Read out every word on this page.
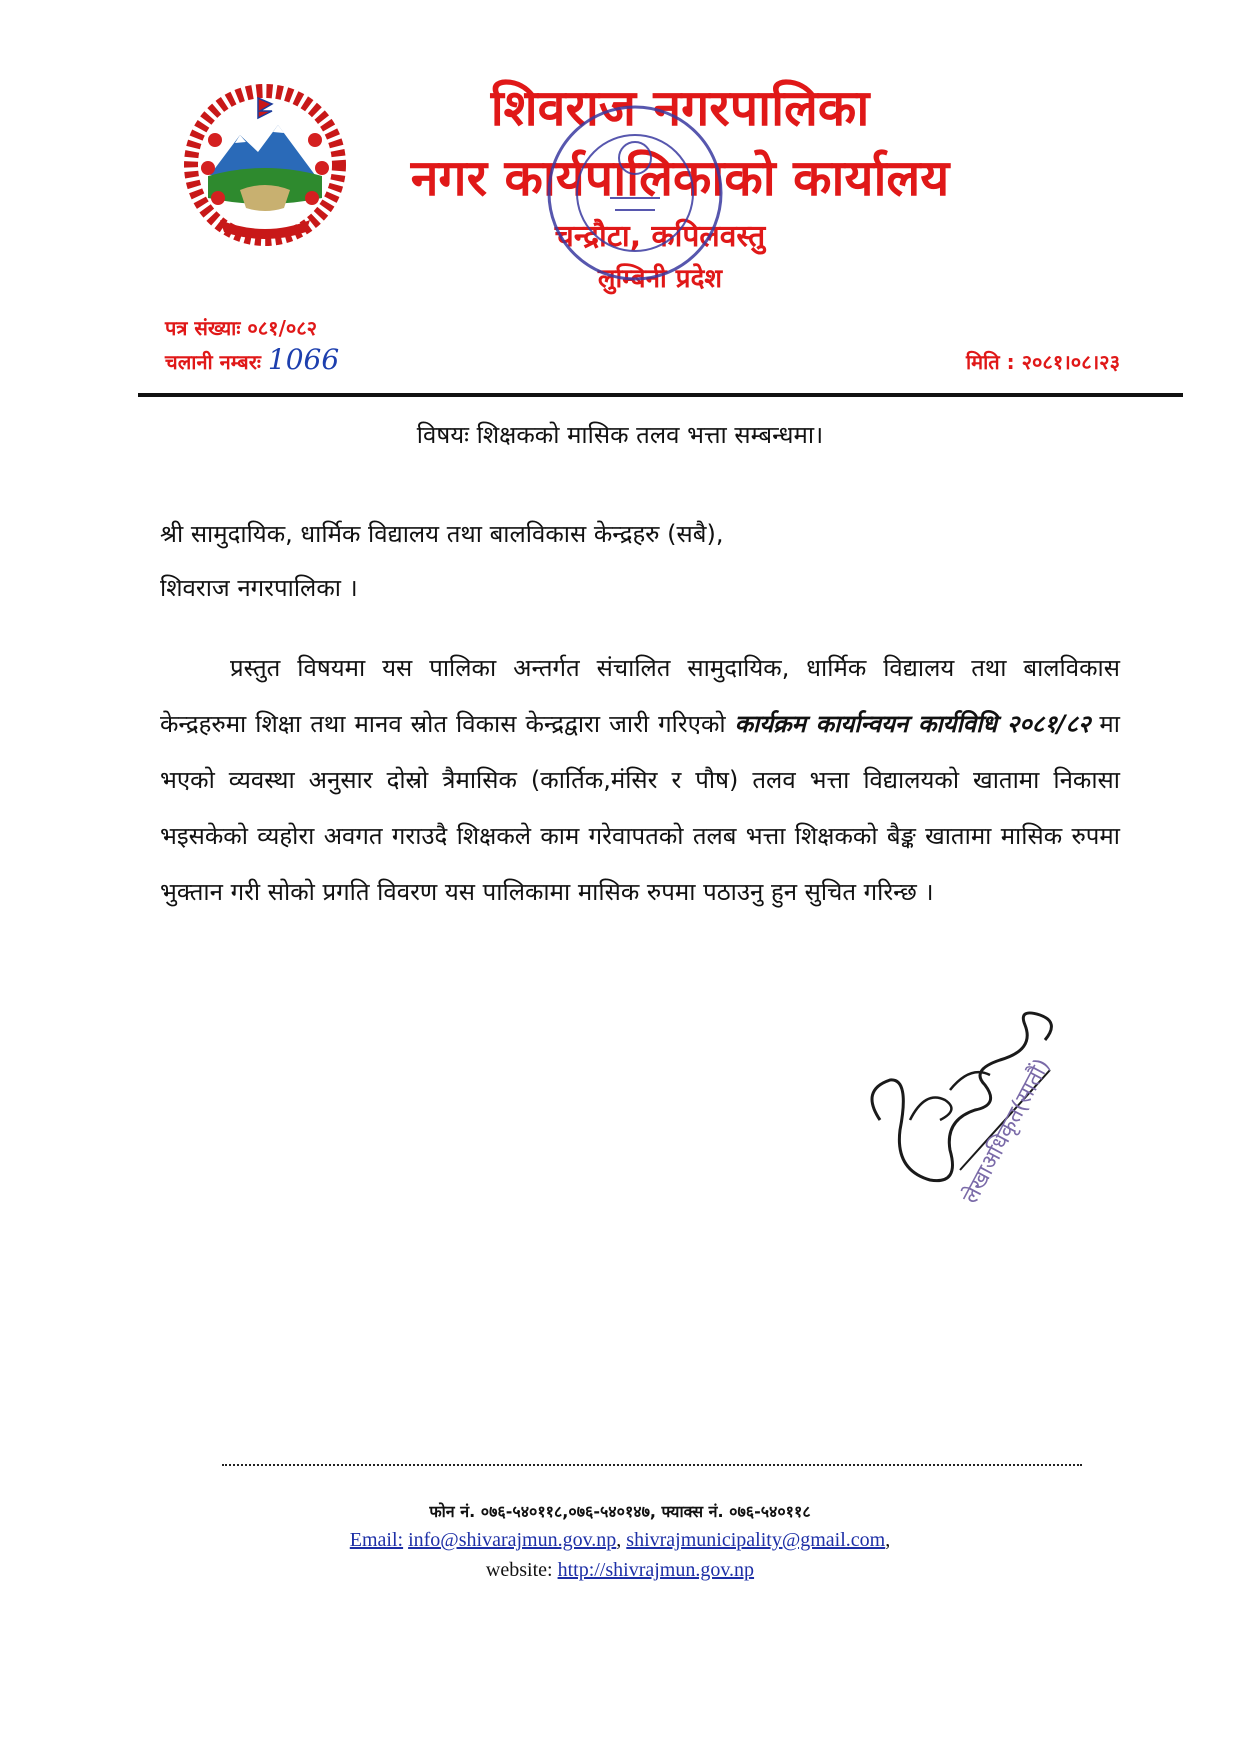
शिवराज नगरपालिका
नगर कार्यपालिकाको कार्यालय
चन्द्रौटा, कपिलवस्तु
लुम्बिनी प्रदेश
पत्र संख्याः ०८१/०८२
चलानी नम्बरः 1066	मिति : २०८१।०८।२३
विषयः शिक्षकको मासिक तलव भत्ता सम्बन्धमा।
श्री सामुदायिक, धार्मिक विद्यालय तथा बालविकास केन्द्रहरु (सबै),
शिवराज नगरपालिका ।
प्रस्तुत विषयमा यस पालिका अन्तर्गत संचालित सामुदायिक, धार्मिक विद्यालय तथा बालविकास केन्द्रहरुमा शिक्षा तथा मानव स्रोत विकास केन्द्रद्वारा जारी गरिएको कार्यक्रम कार्यान्वयन कार्यविधि २०८१/८२ मा भएको व्यवस्था अनुसार दोस्रो त्रैमासिक (कार्तिक,मंसिर र पौष) तलव भत्ता विद्यालयको खातामा निकासा भइसकेको व्यहोरा अवगत गराउदै शिक्षकले काम गरेवापतको तलब भत्ता शिक्षकको बैङ्क खातामा मासिक रुपमा भुक्तान गरी सोको प्रगति विवरण यस पालिकामा मासिक रुपमा पठाउनु हुन सुचित गरिन्छ ।
लेखाअधिकृत(सातौं)
फोन नं. ०७६-५४०११८,०७६-५४०१४७, फ्याक्स नं. ०७६-५४०११८
Email: info@shivarajmun.gov.np, shivrajmunicipality@gmail.com,
website: http://shivrajmun.gov.np
